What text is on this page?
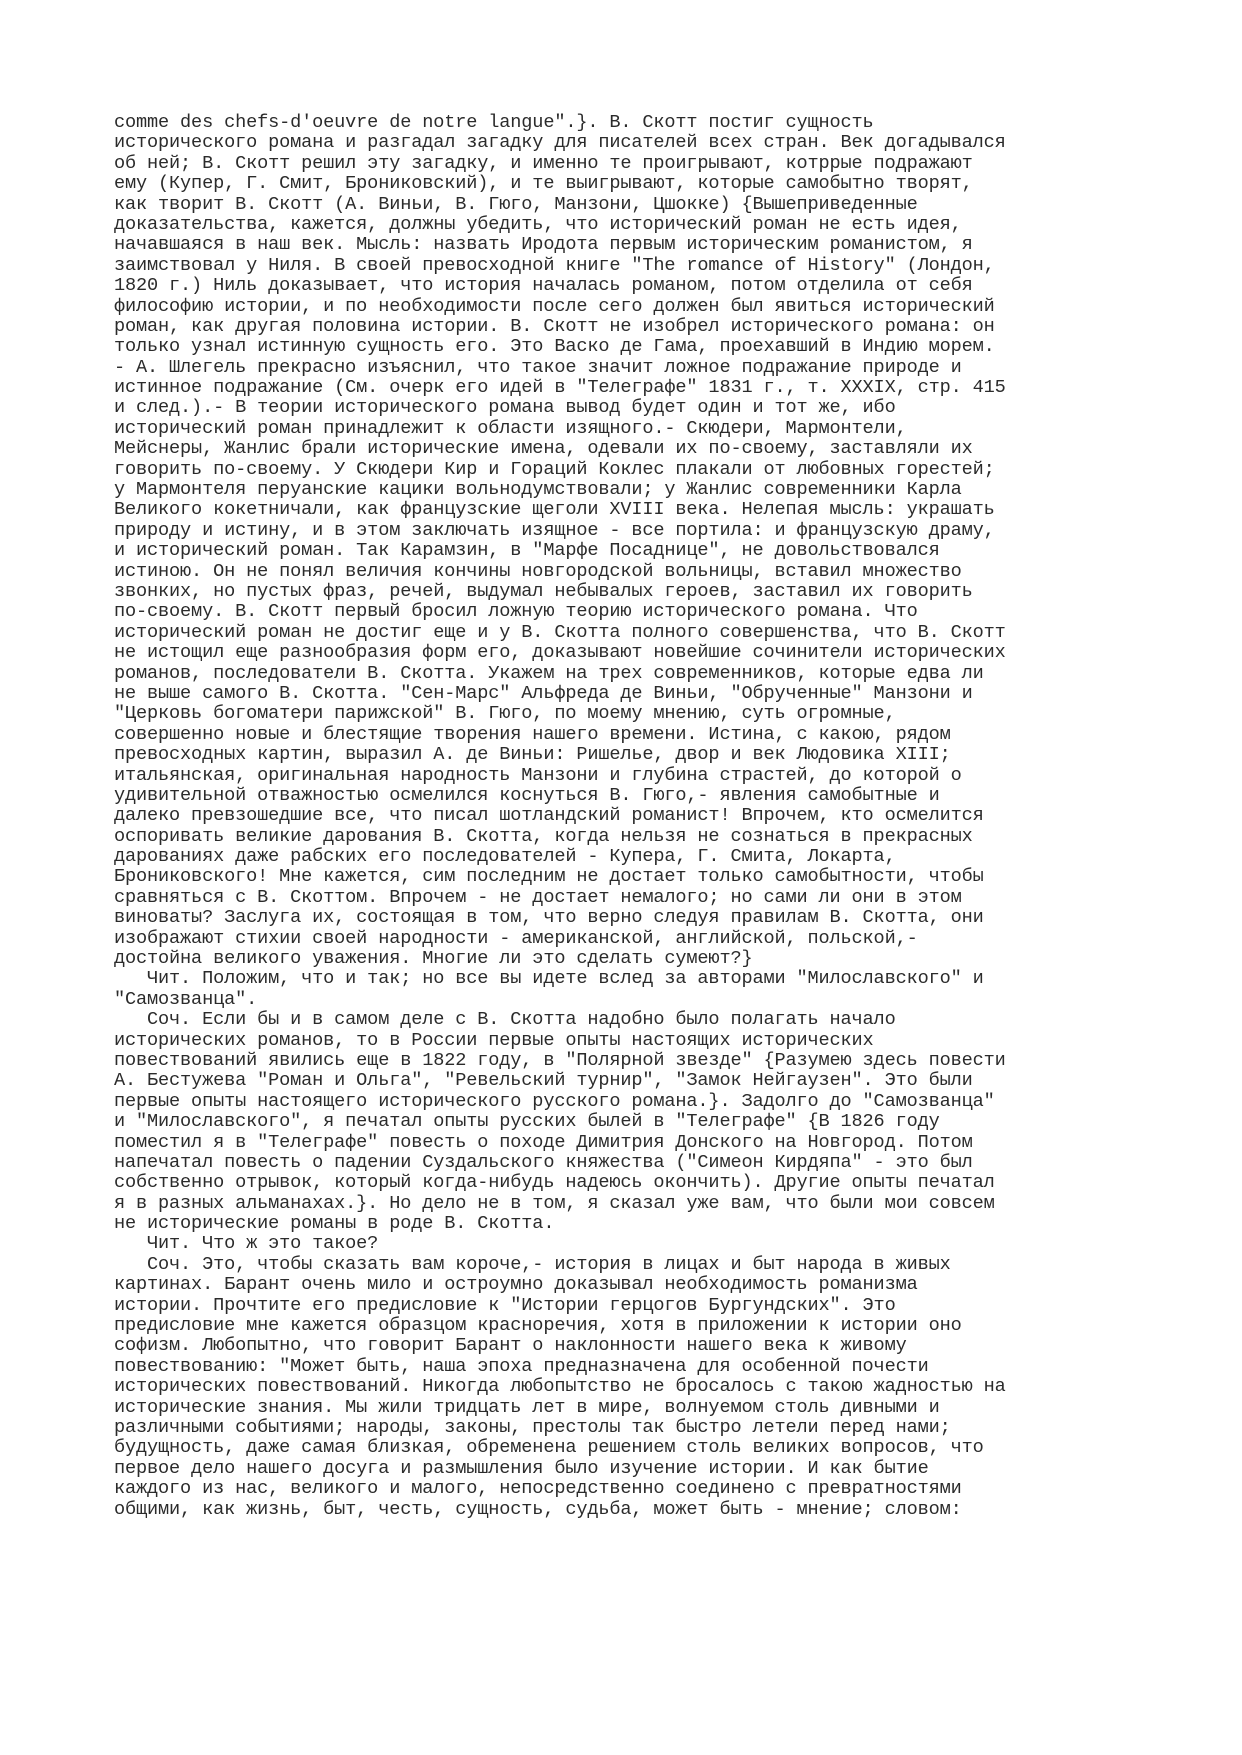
comme des chefs-d'oeuvre de notre langue".}. В. Скотт постиг сущность
исторического романа и разгадал загадку для писателей всех стран. Век догадывался
об ней; В. Скотт решил эту загадку, и именно те проигрывают, котррые подражают
ему (Купер, Г. Смит, Брониковский), и те выигрывают, которые самобытно творят,
как творит В. Скотт (А. Виньи, В. Гюго, Манзони, Цшокке) {Вышеприведенные
доказательства, кажется, должны убедить, что исторический роман не есть идея,
начавшаяся в наш век. Мысль: назвать Иродота первым историческим романистом, я
заимствовал у Ниля. В своей превосходной книге "The romance of History" (Лондон,
1820 г.) Ниль доказывает, что история началась романом, потом отделила от себя
философию истории, и по необходимости после сего должен был явиться исторический
роман, как другая половина истории. В. Скотт не изобрел исторического романа: он
только узнал истинную сущность его. Это Васко де Гама, проехавший в Индию морем.
- А. Шлегель прекрасно изъяснил, что такое значит ложное подражание природе и
истинное подражание (См. очерк его идей в "Телеграфе" 1831 г., т. XXXIX, стр. 415
и след.).- В теории исторического романа вывод будет один и тот же, ибо
исторический роман принадлежит к области изящного.- Скюдери, Мармонтели,
Мейснеры, Жанлис брали исторические имена, одевали их по-своему, заставляли их
говорить по-своему. У Скюдери Кир и Гораций Коклес плакали от любовных горестей;
у Мармонтеля перуанские кацики вольнодумствовали; у Жанлис современники Карла
Великого кокетничали, как французские щеголи XVIII века. Нелепая мысль: украшать
природу и истину, и в этом заключать изящное - все портила: и французскую драму,
и исторический роман. Так Карамзин, в "Марфе Посаднице", не довольствовался
истиною. Он не понял величия кончины новгородской вольницы, вставил множество
звонких, но пустых фраз, речей, выдумал небывалых героев, заставил их говорить
по-своему. В. Скотт первый бросил ложную теорию исторического романа. Что
исторический роман не достиг еще и у В. Скотта полного совершенства, что В. Скотт
не истощил еще разнообразия форм его, доказывают новейшие сочинители исторических
романов, последователи В. Скотта. Укажем на трех современников, которые едва ли
не выше самого В. Скотта. "Сен-Марс" Альфреда де Виньи, "Обрученные" Манзони и
"Церковь богоматери парижской" В. Гюго, по моему мнению, суть огромные,
совершенно новые и блестящие творения нашего времени. Истина, с какою, рядом
превосходных картин, выразил А. де Виньи: Ришелье, двор и век Людовика XIII;
итальянская, оригинальная народность Манзони и глубина страстей, до которой о
удивительной отважностью осмелился коснуться В. Гюго,- явления самобытные и
далеко превзошедшие все, что писал шотландский романист! Впрочем, кто осмелится
оспоривать великие дарования В. Скотта, когда нельзя не сознаться в прекрасных
дарованиях даже рабских его последователей - Купера, Г. Смита, Локарта,
Брониковского! Мне кажется, сим последним не достает только самобытности, чтобы
сравняться с В. Скоттом. Впрочем - не достает немалого; но сами ли они в этом
виноваты? Заслуга их, состоящая в том, что верно следуя правилам В. Скотта, они
изображают стихии своей народности - американской, английской, польской,-
достойна великого уважения. Многие ли это сделать сумеют?}
Чит. Положим, что и так; но все вы идете вслед за авторами "Милославского" и
"Самозванца".
Соч. Если бы и в самом деле с В. Скотта надобно было полагать начало
исторических романов, то в России первые опыты настоящих исторических
повествований явились еще в 1822 году, в "Полярной звезде" {Разумею здесь повести
А. Бестужева "Роман и Ольга", "Ревельский турнир", "Замок Нейгаузен". Это были
первые опыты настоящего исторического русского романа.}. Задолго до "Самозванца"
и "Милославского", я печатал опыты русских былей в "Телеграфе" {В 1826 году
поместил я в "Телеграфе" повесть о походе Димитрия Донского на Новгород. Потом
напечатал повесть о падении Суздальского княжества ("Симеон Кирдяпа" - это был
собственно отрывок, который когда-нибудь надеюсь окончить). Другие опыты печатал
я в разных альманахах.}. Но дело не в том, я сказал уже вам, что были мои совсем
не исторические романы в роде В. Скотта.
Чит. Что ж это такое?
Соч. Это, чтобы сказать вам короче,- история в лицах и быт народа в живых
картинах. Барант очень мило и остроумно доказывал необходимость романизма
истории. Прочтите его предисловие к "Истории герцогов Бургундских". Это
предисловие мне кажется образцом красноречия, хотя в приложении к истории оно
софизм. Любопытно, что говорит Барант о наклонности нашего века к живому
повествованию: "Может быть, наша эпоха предназначена для особенной почести
исторических повествований. Никогда любопытство не бросалось с такою жадностью на
исторические знания. Мы жили тридцать лет в мире, волнуемом столь дивными и
различными событиями; народы, законы, престолы так быстро летели перед нами;
будущность, даже самая близкая, обременена решением столь великих вопросов, что
первое дело нашего досуга и размышления было изучение истории. И как бытие
каждого из нас, великого и малого, непосредственно соединено с превратностями
общими, как жизнь, быт, честь, сущность, судьба, может быть - мнение; словом:
